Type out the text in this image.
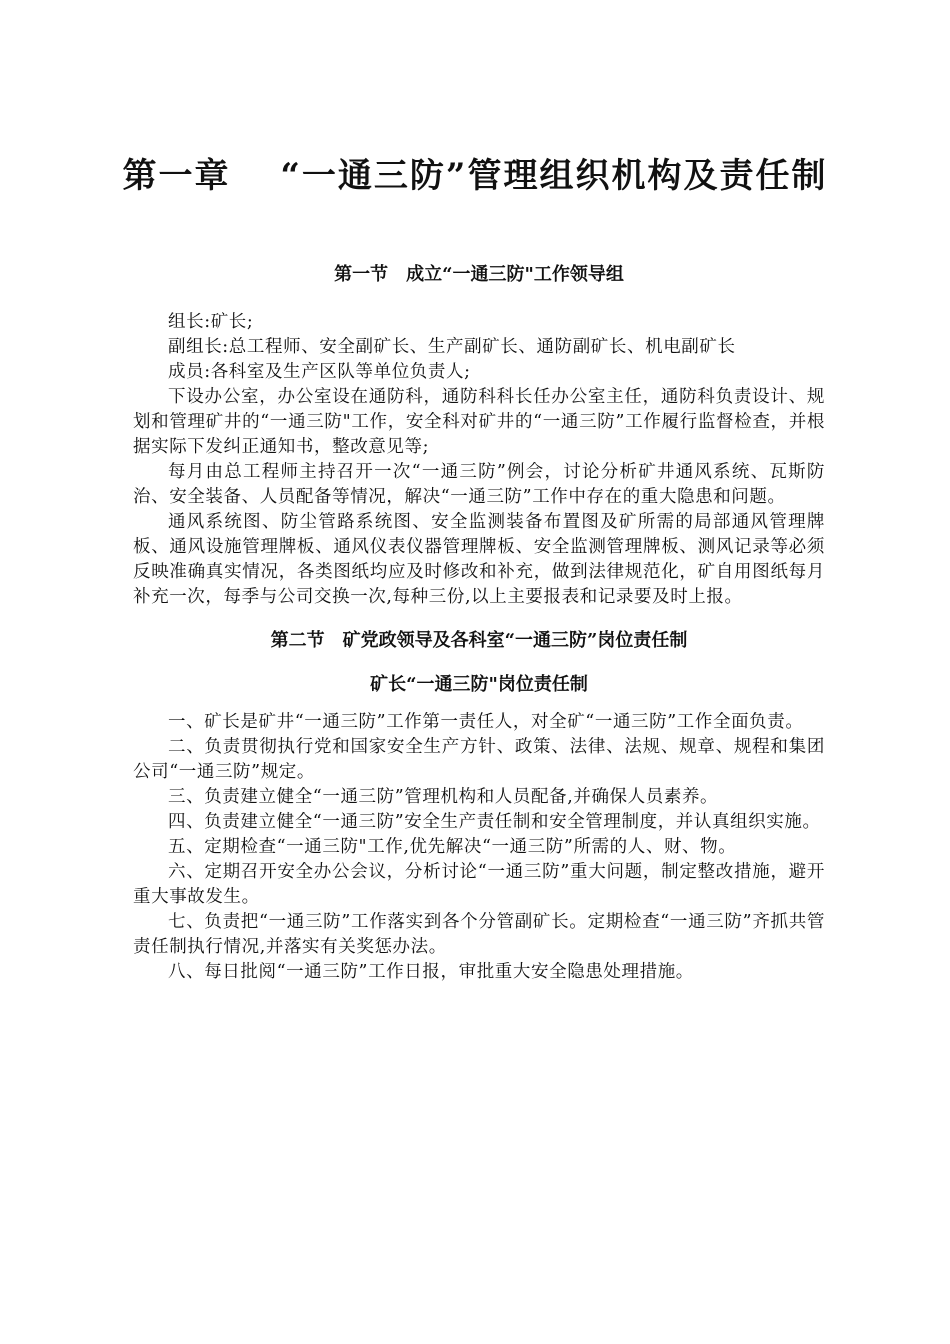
第一章　 “一通三防”管理组织机构及责任制
第一节　成立“一通三防"工作领导组

组长:矿长;

副组长:总工程师、安全副矿长、生产副矿长、通防副矿长、机电副矿长

成员:各科室及生产区队等单位负责人;

下设办公室，办公室设在通防科，通防科科长任办公室主任，通防科负责设计、规划和管理矿井的“一通三防"工作，安全科对矿井的“一通三防”工作履行监督检查，并根据实际下发纠正通知书，整改意见等;

每月由总工程师主持召开一次“一通三防”例会，讨论分析矿井通风系统、瓦斯防治、安全装备、人员配备等情况，解决“一通三防”工作中存在的重大隐患和问题。

通风系统图、防尘管路系统图、安全监测装备布置图及矿所需的局部通风管理牌板、通风设施管理牌板、通风仪表仪器管理牌板、安全监测管理牌板、测风记录等必须反映准确真实情况，各类图纸均应及时修改和补充，做到法律规范化，矿自用图纸每月补充一次，每季与公司交换一次,每种三份,以上主要报表和记录要及时上报。

第二节　矿党政领导及各科室“一通三防”岗位责任制
矿长“一通三防"岗位责任制

一、矿长是矿井“一通三防”工作第一责任人，对全矿“一通三防”工作全面负责。

二、负责贯彻执行党和国家安全生产方针、政策、法律、法规、规章、规程和集团公司“一通三防”规定。

三、负责建立健全“一通三防”管理机构和人员配备,并确保人员素养。

四、负责建立健全“一通三防”安全生产责任制和安全管理制度，并认真组织实施。

五、定期检查“一通三防"工作,优先解决“一通三防”所需的人、财、物。

六、定期召开安全办公会议，分析讨论“一通三防”重大问题，制定整改措施，避开重大事故发生。

七、负责把“一通三防”工作落实到各个分管副矿长。定期检查“一通三防”齐抓共管责任制执行情况,并落实有关奖惩办法。

八、每日批阅“一通三防”工作日报，审批重大安全隐患处理措施。
